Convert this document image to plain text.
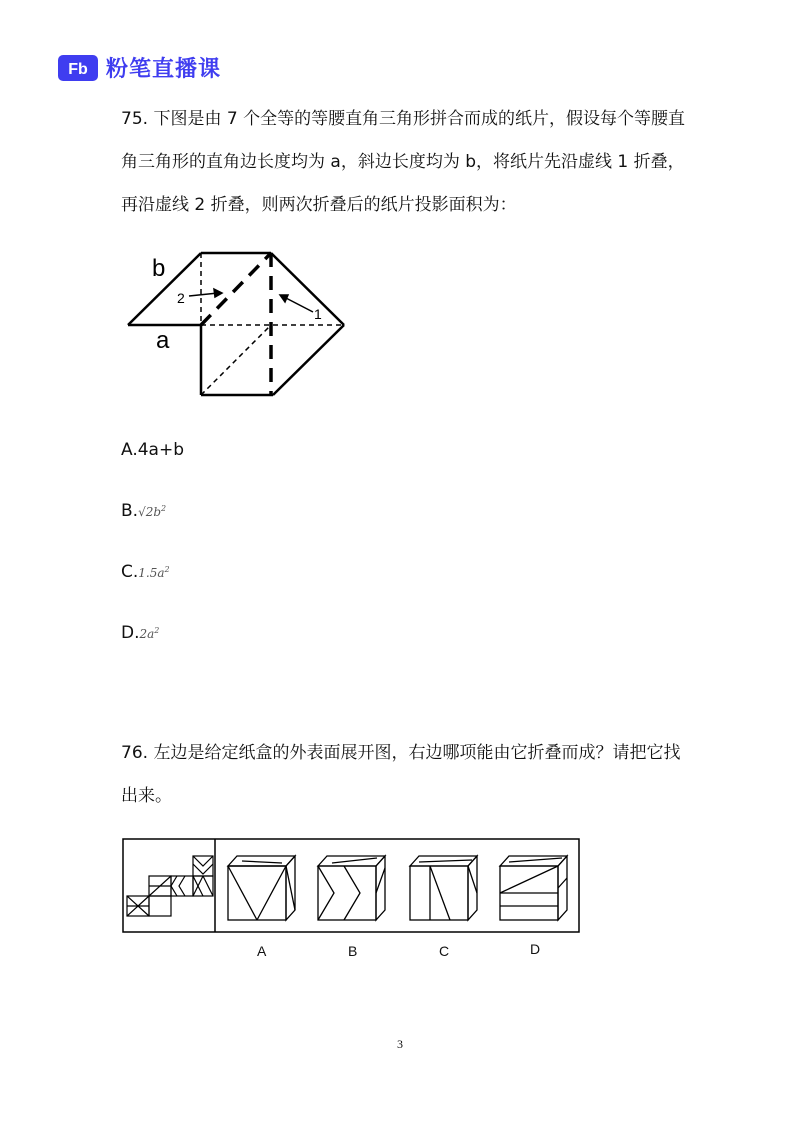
Fb 粉笔直播课
75. 下图是由 7 个全等的等腰直角三角形拼合而成的纸片，假设每个等腰直角三角形的直角边长度均为 a，斜边长度均为 b，将纸片先沿虚线 1 折叠，再沿虚线 2 折叠，则两次折叠后的纸片投影面积为：
b
a
2
1
A.4a+b
$B.√2b^2$
$C.1.5a^2$
$D.2a^2$
76. 左边是给定纸盒的外表面展开图，右边哪项能由它折叠而成？请把它找出来。
A	B	C	D
3
